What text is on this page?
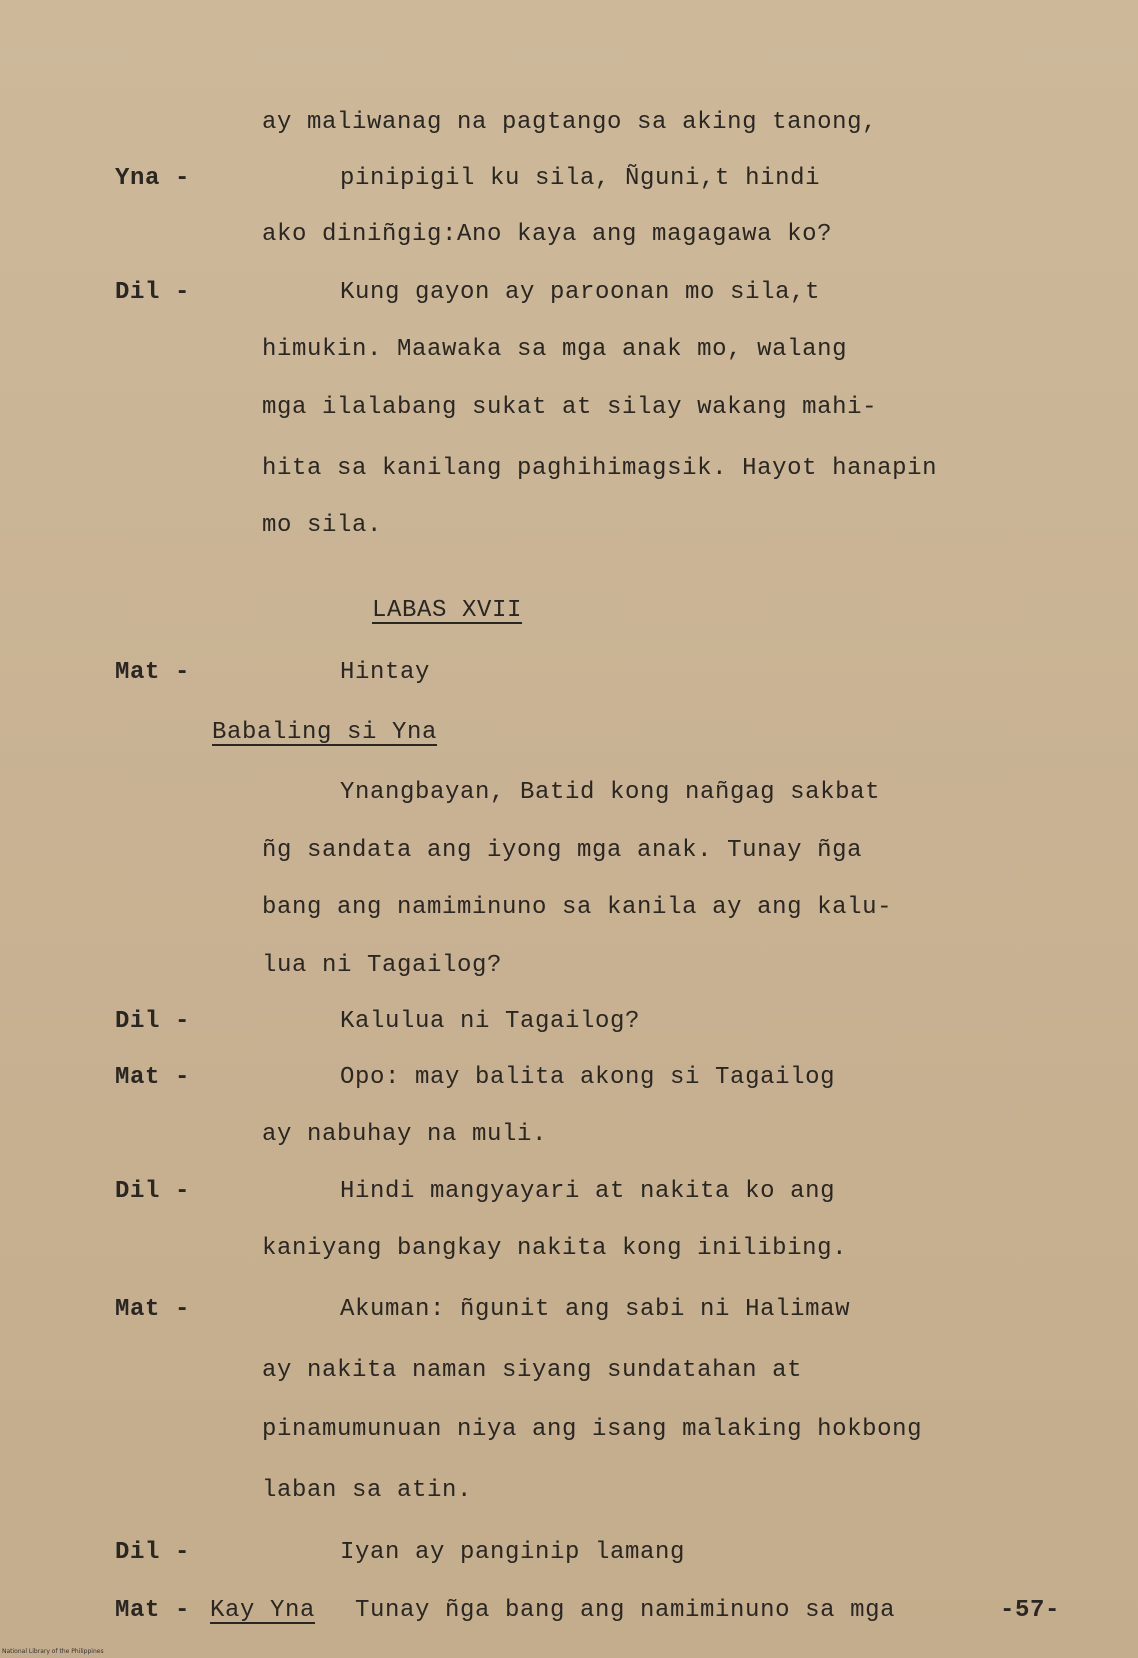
ay maliwanag na pagtango sa aking tanong,
Yna -	pinipigil ku sila, Ñguni,t hindi
ako diniñgig:Ano kaya ang magagawa ko?
Dil -	Kung gayon ay paroonan mo sila,t
himukin. Maawaka sa mga anak mo, walang
mga ilalabang sukat at silay wakang mahi-
hita sa kanilang paghihimagsik. Hayot hanapin
mo sila.
LABAS XVII
Mat -	Hintay
Babaling si Yna
Ynangbayan, Batid kong nañgag sakbat
ñg sandata ang iyong mga anak. Tunay ñga
bang ang namiminuno sa kanila ay ang kalu-
lua ni Tagailog?
Dil -	Kalulua ni Tagailog?
Mat -	Opo: may balita akong si Tagailog
ay nabuhay na muli.
Dil -	Hindi mangyayari at nakita ko ang
kaniyang bangkay nakita kong inilibing.
Mat -	Akuman: ñgunit ang sabi ni Halimaw
ay nakita naman siyang sundatahan at
pinamumunuan niya ang isang malaking hokbong
laban sa atin.
Dil -	Iyan ay panginip lamang
Mat - Kay Yna Tunay ñga bang ang namiminuno sa mga	-57-
National Library of the Philippines
